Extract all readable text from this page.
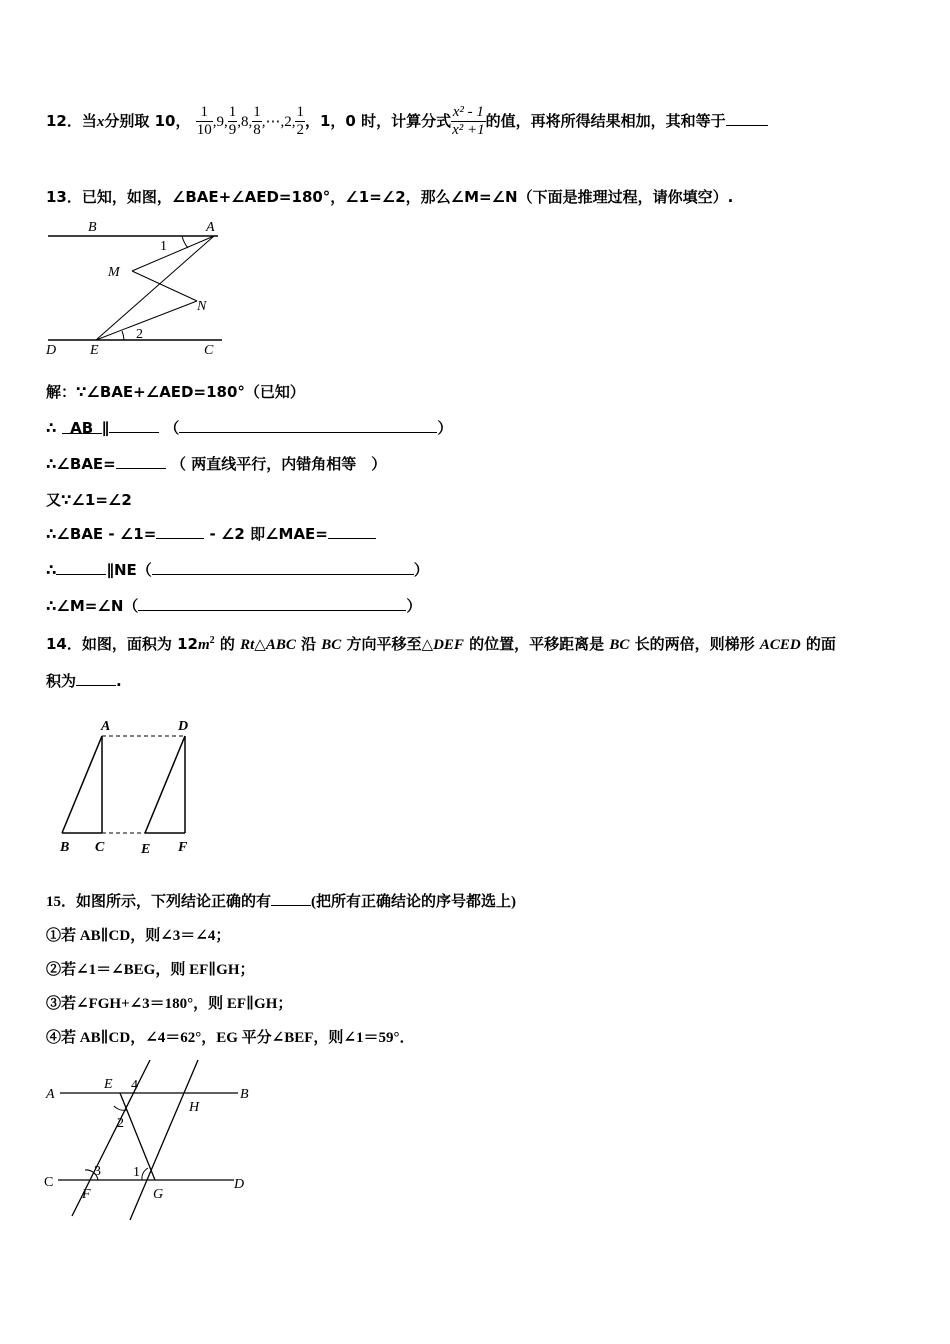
12．当x分别取 10， $\frac{1}{10} ,9$, $\frac{1}{9} ,8$, $\frac{1}{8}$ ,⋯,2, $\frac{1}{2}$ ，1，0 时，计算分式 $\frac{\text{x² - 1}}{\text{x² +1}}$ 的值，再将所得结果相加，其和等于
13．已知，如图，∠BAE+∠AED=180°，∠1=∠2，那么∠M=∠N（下面是推理过程，请你填空）.
B	A
1
M
N
2
D E	C
解：∵∠BAE+∠AED=180°（已知）
∴ AB ∥	（	）
∴∠BAE=	（ 两直线平行，内错角相等　）
又∵∠1=∠2
∴∠BAE - ∠1=	- ∠2 即∠MAE=
∴	∥NE（	）
∴∠M=∠N（	）
14．如图，面积为 $12m^2$ 的 Rt△ABC 沿 BC 方向平移至△DEF 的位置，平移距离是 BC 长的两倍，则梯形 ACED 的面
积为	.
A	D
B C	E F
15．如图所示，下列结论正确的有	(把所有正确结论的序号都选上)
①若 AB∥CD，则∠3＝∠4；
②若∠1＝∠BEG，则 EF∥GH；
③若∠FGH+∠3＝180°，则 EF∥GH；
④若 AB∥CD，∠4＝62°，EG 平分∠BEF，则∠1＝59°．
A
E 4
B
H
2
C
3 1
D
F	G
